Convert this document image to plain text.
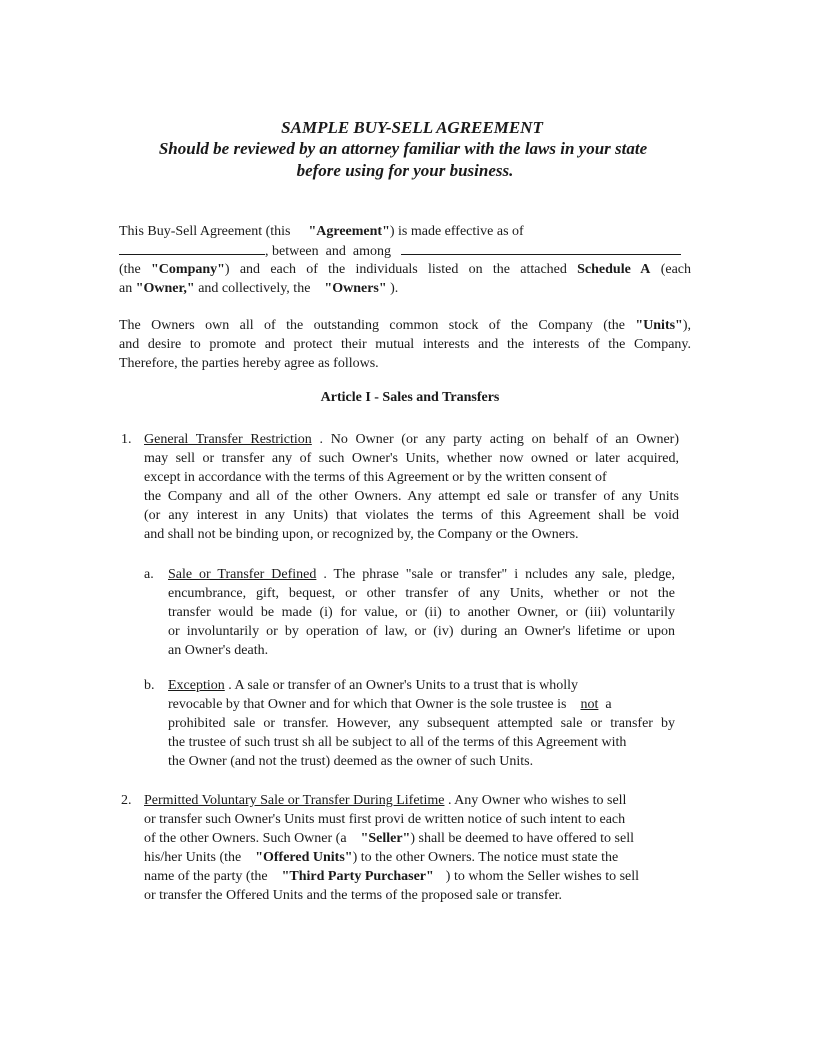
SAMPLE BUY-SELL AGREEMENT
Should be reviewed by an attorney familiar with the laws in your state
before using for your business.
This Buy-Sell Agreement (this "Agreement") is made effective as of
, between and among
(the "Company") and each of the individuals listed on the attached Schedule A (each
an "Owner," and collectively, the "Owners" ).
The Owners own all of the outstanding common stock of the Company (the "Units"),
and desire to promote and protect their mutual interests and the interests of the Company.
Therefore, the parties hereby agree as follows.
Article I - Sales and Transfers
1. General Transfer Restriction . No Owner (or any party acting on behalf of an Owner)
may sell or transfer any of such Owner's Units, whether now owned or later acquired,
except in accordance with the terms of this Agreement or by the written consent of
the Company and all of the other Owners. Any attempt ed sale or transfer of any Units
(or any interest in any Units) that violates the terms of this Agreement shall be void
and shall not be binding upon, or recognized by, the Company or the Owners.
a. Sale or Transfer Defined . The phrase "sale or transfer" i ncludes any sale, pledge,
encumbrance, gift, bequest, or other transfer of any Units, whether or not the
transfer would be made (i) for value, or (ii) to another Owner, or (iii) voluntarily
or involuntarily or by operation of law, or (iv) during an Owner's lifetime or upon
an Owner's death.
b. Exception . A sale or transfer of an Owner's Units to a trust that is wholly
revocable by that Owner and for which that Owner is the sole trustee is not a
prohibited sale or transfer. However, any subsequent attempted sale or transfer by
the trustee of such trust sh all be subject to all of the terms of this Agreement with
the Owner (and not the trust) deemed as the owner of such Units.
2. Permitted Voluntary Sale or Transfer During Lifetime . Any Owner who wishes to sell
or transfer such Owner's Units must first provi de written notice of such intent to each
of the other Owners. Such Owner (a "Seller") shall be deemed to have offered to sell
his/her Units (the "Offered Units") to the other Owners. The notice must state the
name of the party (the "Third Party Purchaser" ) to whom the Seller wishes to sell
or transfer the Offered Units and the terms of the proposed sale or transfer.
